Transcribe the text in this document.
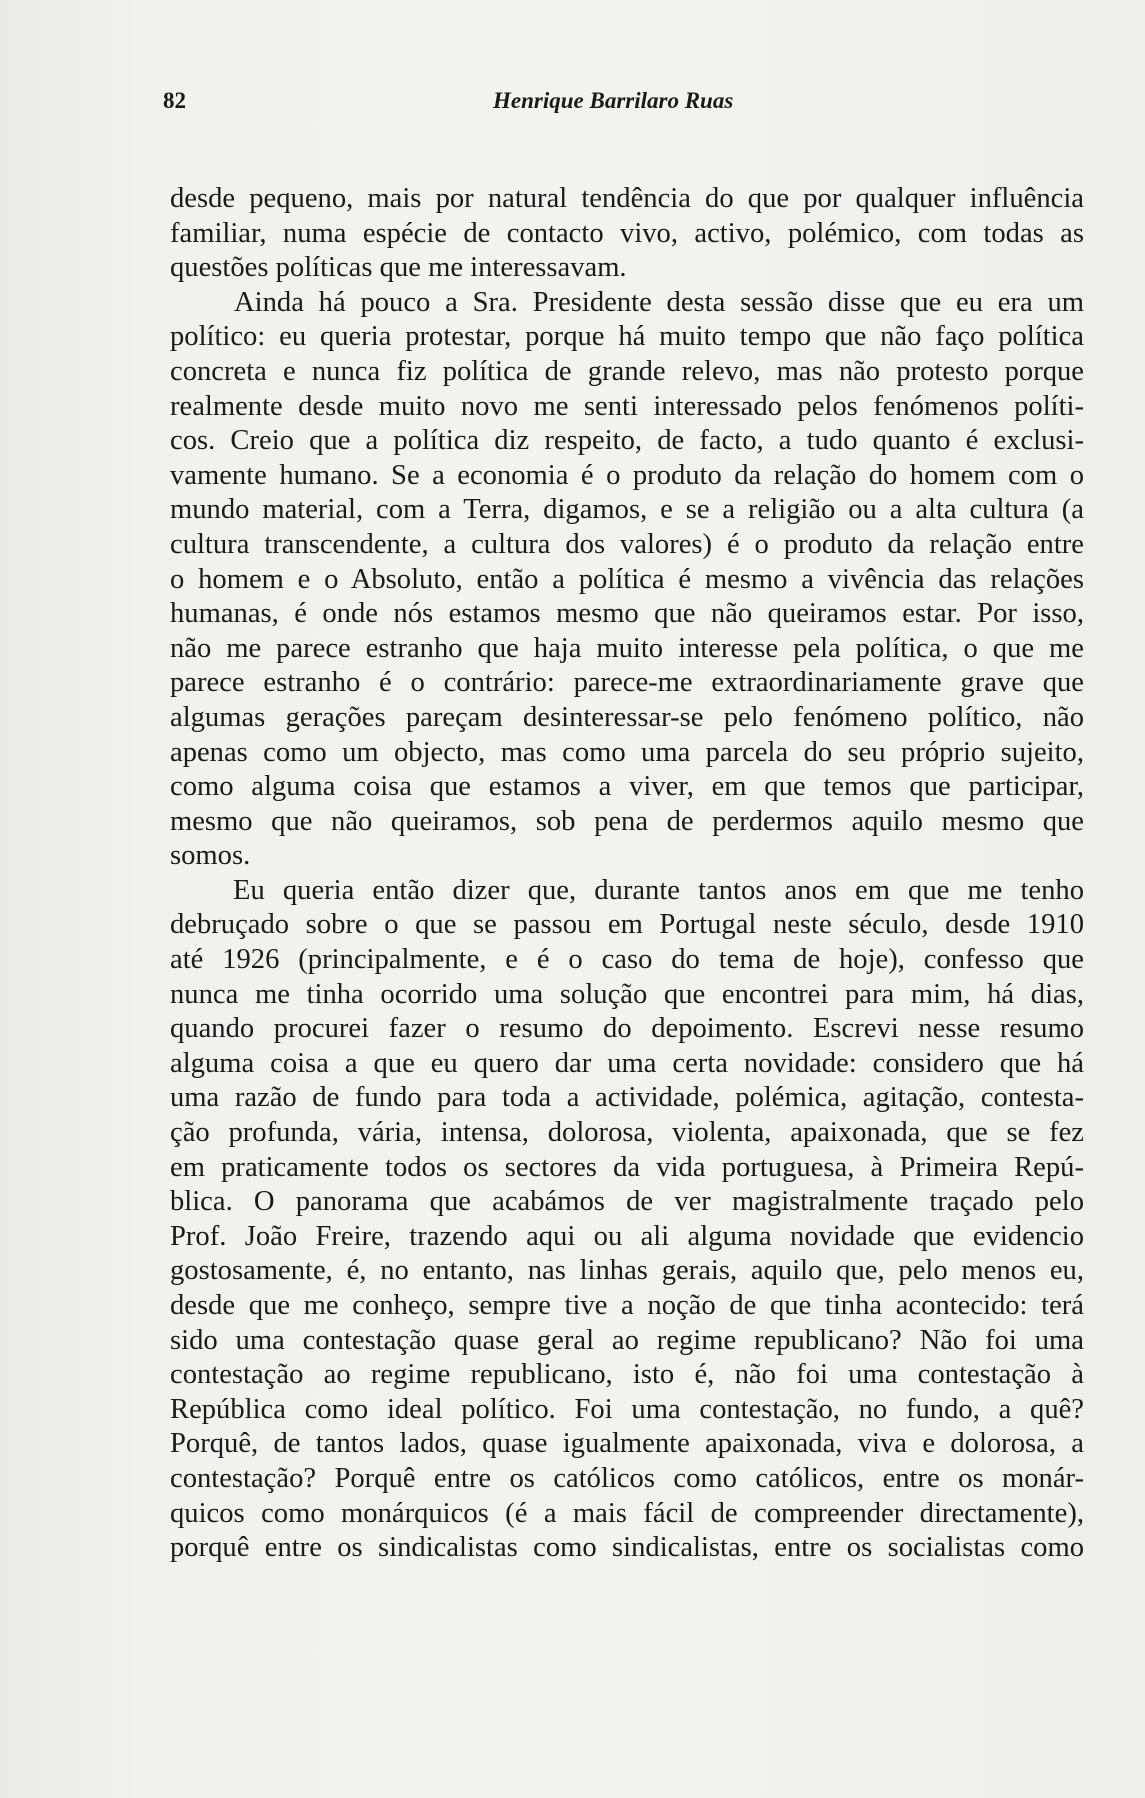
82	Henrique Barrilaro Ruas
desde pequeno, mais por natural tendência do que por qualquer influência
familiar, numa espécie de contacto vivo, activo, polémico, com todas as
questões políticas que me interessavam.
Ainda há pouco a Sra. Presidente desta sessão disse que eu era um
político: eu queria protestar, porque há muito tempo que não faço política
concreta e nunca fiz política de grande relevo, mas não protesto porque
realmente desde muito novo me senti interessado pelos fenómenos políti-
cos. Creio que a política diz respeito, de facto, a tudo quanto é exclusi-
vamente humano. Se a economia é o produto da relação do homem com o
mundo material, com a Terra, digamos, e se a religião ou a alta cultura (a
cultura transcendente, a cultura dos valores) é o produto da relação entre
o homem e o Absoluto, então a política é mesmo a vivência das relações
humanas, é onde nós estamos mesmo que não queiramos estar. Por isso,
não me parece estranho que haja muito interesse pela política, o que me
parece estranho é o contrário: parece-me extraordinariamente grave que
algumas gerações pareçam desinteressar-se pelo fenómeno político, não
apenas como um objecto, mas como uma parcela do seu próprio sujeito,
como alguma coisa que estamos a viver, em que temos que participar,
mesmo que não queiramos, sob pena de perdermos aquilo mesmo que
somos.
Eu queria então dizer que, durante tantos anos em que me tenho
debruçado sobre o que se passou em Portugal neste século, desde 1910
até 1926 (principalmente, e é o caso do tema de hoje), confesso que
nunca me tinha ocorrido uma solução que encontrei para mim, há dias,
quando procurei fazer o resumo do depoimento. Escrevi nesse resumo
alguma coisa a que eu quero dar uma certa novidade: considero que há
uma razão de fundo para toda a actividade, polémica, agitação, contesta-
ção profunda, vária, intensa, dolorosa, violenta, apaixonada, que se fez
em praticamente todos os sectores da vida portuguesa, à Primeira Repú-
blica. O panorama que acabámos de ver magistralmente traçado pelo
Prof. João Freire, trazendo aqui ou ali alguma novidade que evidencio
gostosamente, é, no entanto, nas linhas gerais, aquilo que, pelo menos eu,
desde que me conheço, sempre tive a noção de que tinha acontecido: terá
sido uma contestação quase geral ao regime republicano? Não foi uma
contestação ao regime republicano, isto é, não foi uma contestação à
República como ideal político. Foi uma contestação, no fundo, a quê?
Porquê, de tantos lados, quase igualmente apaixonada, viva e dolorosa, a
contestação? Porquê entre os católicos como católicos, entre os monár-
quicos como monárquicos (é a mais fácil de compreender directamente),
porquê entre os sindicalistas como sindicalistas, entre os socialistas como
